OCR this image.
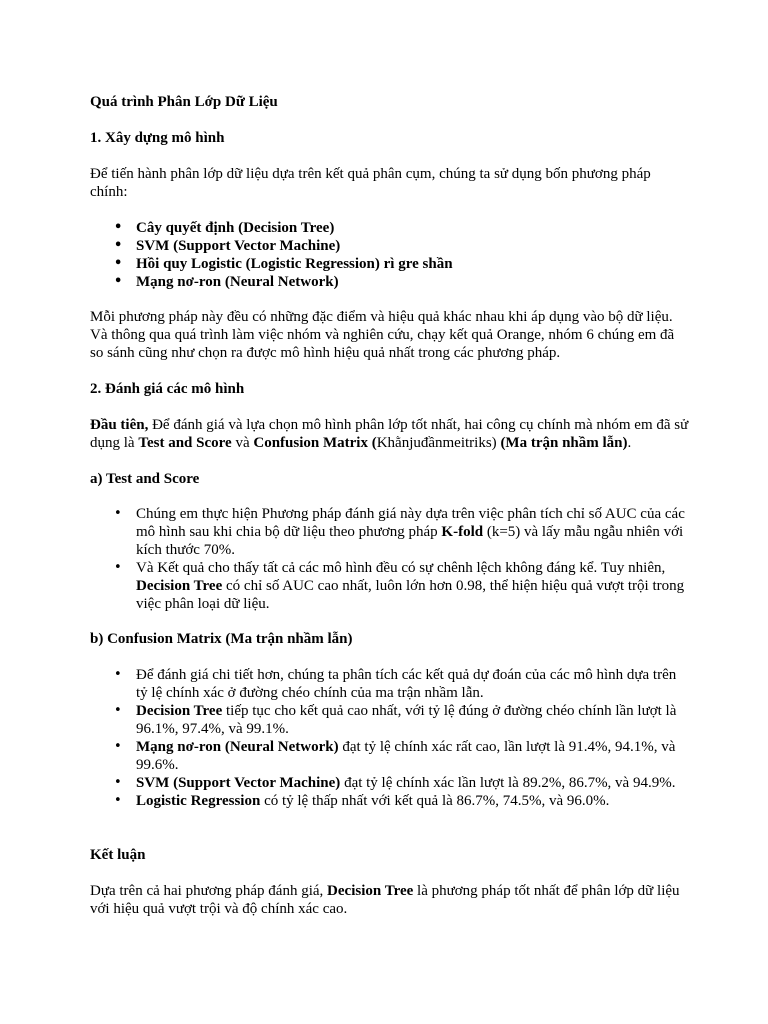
Quá trình Phân Lớp Dữ Liệu

1. Xây dựng mô hình

Để tiến hành phân lớp dữ liệu dựa trên kết quả phân cụm, chúng ta sử dụng bốn phương pháp chính:

• Cây quyết định (Decision Tree)
• SVM (Support Vector Machine)
• Hồi quy Logistic (Logistic Regression) rì gre shần
• Mạng nơ-ron (Neural Network)

Mỗi phương pháp này đều có những đặc điểm và hiệu quả khác nhau khi áp dụng vào bộ dữ liệu. Và thông qua quá trình làm việc nhóm và nghiên cứu, chạy kết quả Orange, nhóm 6 chúng em đã so sánh cũng như chọn ra được mô hình hiệu quả nhất trong các phương pháp.

2. Đánh giá các mô hình

Đầu tiên, Để đánh giá và lựa chọn mô hình phân lớp tốt nhất, hai công cụ chính mà nhóm em đã sử dụng là Test and Score và Confusion Matrix (Khằnjuđầnmeitriks) (Ma trận nhầm lẫn).

a) Test and Score

• Chúng em thực hiện Phương pháp đánh giá này dựa trên việc phân tích chỉ số AUC của các mô hình sau khi chia bộ dữ liệu theo phương pháp K-fold (k=5) và lấy mẫu ngẫu nhiên với kích thước 70%.
• Và Kết quả cho thấy tất cả các mô hình đều có sự chênh lệch không đáng kể. Tuy nhiên, Decision Tree có chỉ số AUC cao nhất, luôn lớn hơn 0.98, thể hiện hiệu quả vượt trội trong việc phân loại dữ liệu.

b) Confusion Matrix (Ma trận nhầm lẫn)

• Để đánh giá chi tiết hơn, chúng ta phân tích các kết quả dự đoán của các mô hình dựa trên tỷ lệ chính xác ở đường chéo chính của ma trận nhầm lẫn.
• Decision Tree tiếp tục cho kết quả cao nhất, với tỷ lệ đúng ở đường chéo chính lần lượt là 96.1%, 97.4%, và 99.1%.
• Mạng nơ-ron (Neural Network) đạt tỷ lệ chính xác rất cao, lần lượt là 91.4%, 94.1%, và 99.6%.
• SVM (Support Vector Machine) đạt tỷ lệ chính xác lần lượt là 89.2%, 86.7%, và 94.9%.
• Logistic Regression có tỷ lệ thấp nhất với kết quả là 86.7%, 74.5%, và 96.0%.

Kết luận

Dựa trên cả hai phương pháp đánh giá, Decision Tree là phương pháp tốt nhất để phân lớp dữ liệu với hiệu quả vượt trội và độ chính xác cao.
